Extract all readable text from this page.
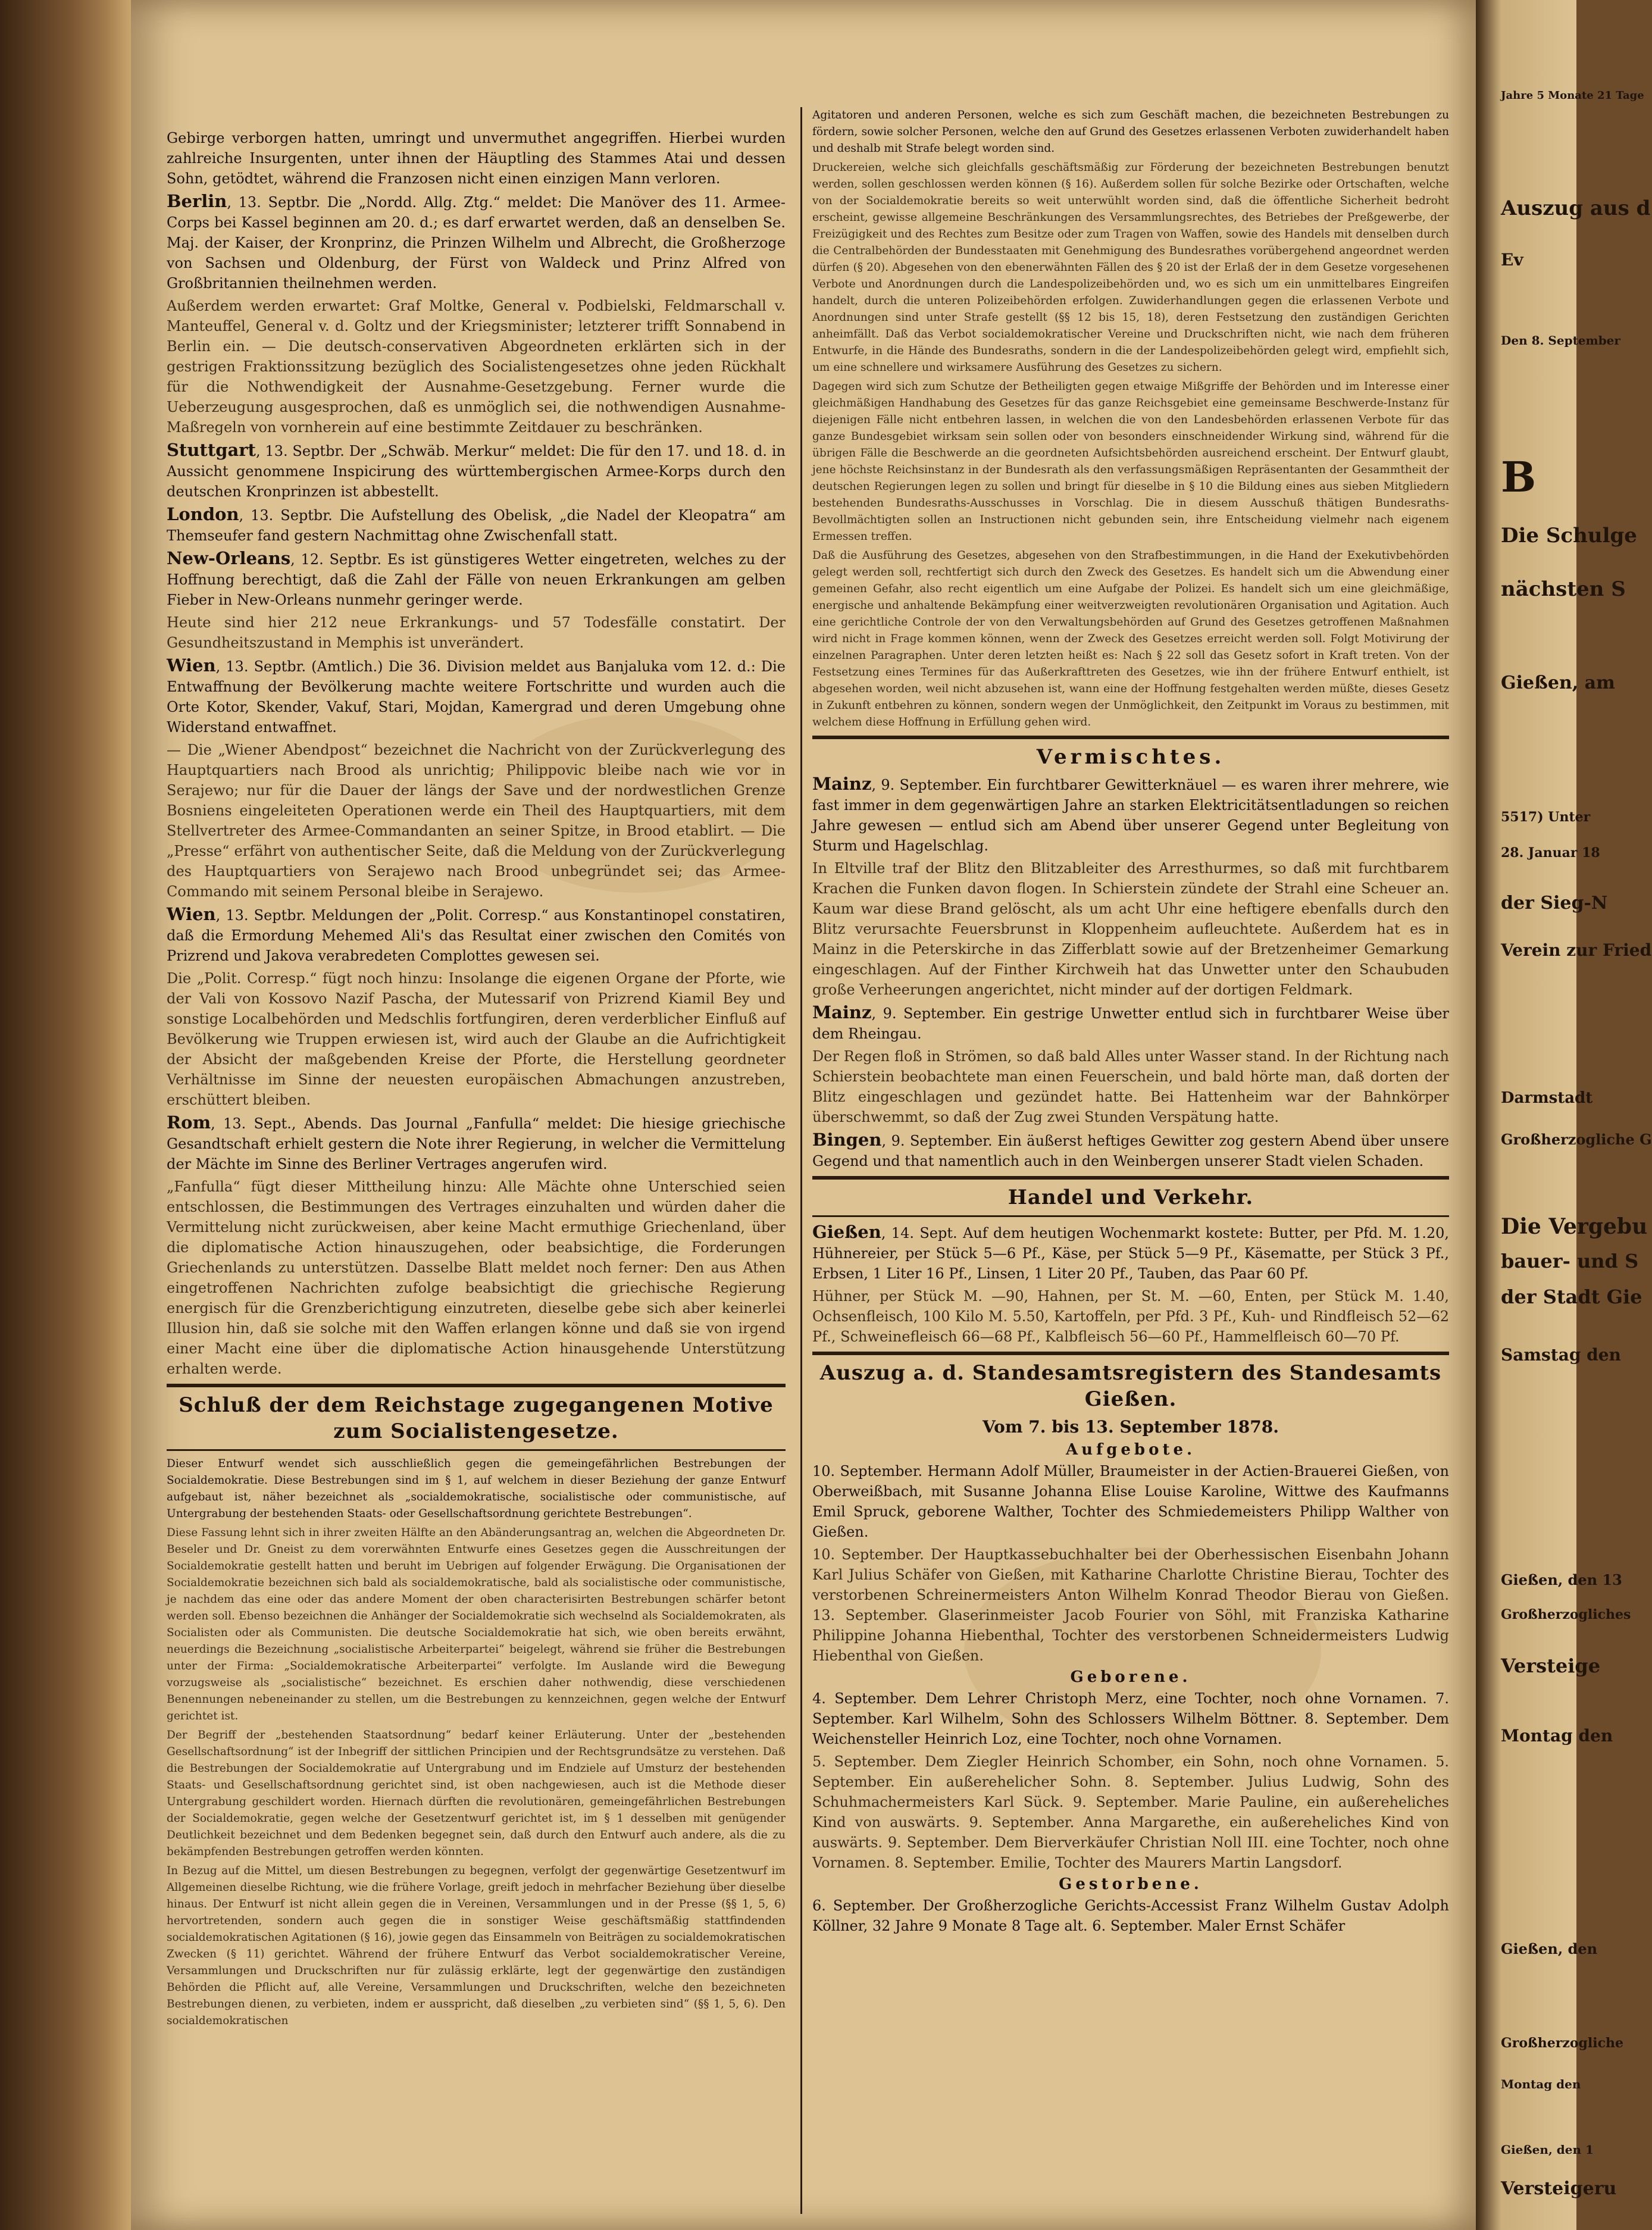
Gebirge verborgen hatten, umringt und unvermuthet angegriffen. Hierbei wurden zahlreiche Insurgenten, unter ihnen der Häuptling des Stammes Atai und dessen Sohn, getödtet, während die Franzosen nicht einen einzigen Mann verloren.

Berlin, 13. Septbr. Die „Nordd. Allg. Ztg.“ meldet: Die Manöver des 11. Armee-Corps bei Kassel beginnen am 20. d.; es darf erwartet werden, daß an denselben Se. Maj. der Kaiser, der Kronprinz, die Prinzen Wilhelm und Albrecht, die Großherzoge von Sachsen und Oldenburg, der Fürst von Waldeck und Prinz Alfred von Großbritannien theilnehmen werden.

Außerdem werden erwartet: Graf Moltke, General v. Podbielski, Feldmarschall v. Manteuffel, General v. d. Goltz und der Kriegsminister; letzterer trifft Sonnabend in Berlin ein. — Die deutsch-conservativen Abgeordneten erklärten sich in der gestrigen Fraktionssitzung bezüglich des Socialistengesetzes ohne jeden Rückhalt für die Nothwendigkeit der Ausnahme-Gesetzgebung. Ferner wurde die Ueberzeugung ausgesprochen, daß es unmöglich sei, die nothwendigen Ausnahme-Maßregeln von vornherein auf eine bestimmte Zeitdauer zu beschränken.

Stuttgart, 13. Septbr. Der „Schwäb. Merkur“ meldet: Die für den 17. und 18. d. in Aussicht genommene Inspicirung des württembergischen Armee-Korps durch den deutschen Kronprinzen ist abbestellt.

London, 13. Septbr. Die Aufstellung des Obelisk, „die Nadel der Kleopatra“ am Themseufer fand gestern Nachmittag ohne Zwischenfall statt.

New-Orleans, 12. Septbr. Es ist günstigeres Wetter eingetreten, welches zu der Hoffnung berechtigt, daß die Zahl der Fälle von neuen Erkrankungen am gelben Fieber in New-Orleans nunmehr geringer werde.

Heute sind hier 212 neue Erkrankungs- und 57 Todesfälle constatirt. Der Gesundheitszustand in Memphis ist unverändert.

Wien, 13. Septbr. (Amtlich.) Die 36. Division meldet aus Banjaluka vom 12. d.: Die Entwaffnung der Bevölkerung machte weitere Fortschritte und wurden auch die Orte Kotor, Skender, Vakuf, Stari, Mojdan, Kamergrad und deren Umgebung ohne Widerstand entwaffnet.

— Die „Wiener Abendpost“ bezeichnet die Nachricht von der Zurückverlegung des Hauptquartiers nach Brood als unrichtig; Philippovic bleibe nach wie vor in Serajewo; nur für die Dauer der längs der Save und der nordwestlichen Grenze Bosniens eingeleiteten Operationen werde ein Theil des Hauptquartiers, mit dem Stellvertreter des Armee-Commandanten an seiner Spitze, in Brood etablirt. — Die „Presse“ erfährt von authentischer Seite, daß die Meldung von der Zurückverlegung des Hauptquartiers von Serajewo nach Brood unbegründet sei; das Armee-Commando mit seinem Personal bleibe in Serajewo.

Wien, 13. Septbr. Meldungen der „Polit. Corresp.“ aus Konstantinopel constatiren, daß die Ermordung Mehemed Ali's das Resultat einer zwischen den Comités von Prizrend und Jakova verabredeten Complottes gewesen sei.

Die „Polit. Corresp.“ fügt noch hinzu: Insolange die eigenen Organe der Pforte, wie der Vali von Kossovo Nazif Pascha, der Mutessarif von Prizrend Kiamil Bey und sonstige Localbehörden und Medschlis fortfungiren, deren verderblicher Einfluß auf Bevölkerung wie Truppen erwiesen ist, wird auch der Glaube an die Aufrichtigkeit der Absicht der maßgebenden Kreise der Pforte, die Herstellung geordneter Verhältnisse im Sinne der neuesten europäischen Abmachungen anzustreben, erschüttert bleiben.

Rom, 13. Sept., Abends. Das Journal „Fanfulla“ meldet: Die hiesige griechische Gesandtschaft erhielt gestern die Note ihrer Regierung, in welcher die Vermittelung der Mächte im Sinne des Berliner Vertrages angerufen wird.

„Fanfulla“ fügt dieser Mittheilung hinzu: Alle Mächte ohne Unterschied seien entschlossen, die Bestimmungen des Vertrages einzuhalten und würden daher die Vermittelung nicht zurückweisen, aber keine Macht ermuthige Griechenland, über die diplomatische Action hinauszugehen, oder beabsichtige, die Forderungen Griechenlands zu unterstützen. Dasselbe Blatt meldet noch ferner: Den aus Athen eingetroffenen Nachrichten zufolge beabsichtigt die griechische Regierung energisch für die Grenzberichtigung einzutreten, dieselbe gebe sich aber keinerlei Illusion hin, daß sie solche mit den Waffen erlangen könne und daß sie von irgend einer Macht eine über die diplomatische Action hinausgehende Unterstützung erhalten werde.

Schluß der dem Reichstage zugegangenen Motive zum Socialistengesetze.

Dieser Entwurf wendet sich ausschließlich gegen die gemeingefährlichen Bestrebungen der Socialdemokratie. Diese Bestrebungen sind im § 1, auf welchem in dieser Beziehung der ganze Entwurf aufgebaut ist, näher bezeichnet als „socialdemokratische, socialistische oder communistische, auf Untergrabung der bestehenden Staats- oder Gesellschaftsordnung gerichtete Bestrebungen“.

Diese Fassung lehnt sich in ihrer zweiten Hälfte an den Abänderungsantrag an, welchen die Abgeordneten Dr. Beseler und Dr. Gneist zu dem vorerwähnten Entwurfe eines Gesetzes gegen die Ausschreitungen der Socialdemokratie gestellt hatten und beruht im Uebrigen auf folgender Erwägung. Die Organisationen der Socialdemokratie bezeichnen sich bald als socialdemokratische, bald als socialistische oder communistische, je nachdem das eine oder das andere Moment der oben characterisirten Bestrebungen schärfer betont werden soll. Ebenso bezeichnen die Anhänger der Socialdemokratie sich wechselnd als Socialdemokraten, als Socialisten oder als Communisten. Die deutsche Socialdemokratie hat sich, wie oben bereits erwähnt, neuerdings die Bezeichnung „socialistische Arbeiterpartei“ beigelegt, während sie früher die Bestrebungen unter der Firma: „Socialdemokratische Arbeiterpartei“ verfolgte. Im Auslande wird die Bewegung vorzugsweise als „socialistische“ bezeichnet. Es erschien daher nothwendig, diese verschiedenen Benennungen nebeneinander zu stellen, um die Bestrebungen zu kennzeichnen, gegen welche der Entwurf gerichtet ist.

Der Begriff der „bestehenden Staatsordnung“ bedarf keiner Erläuterung. Unter der „bestehenden Gesellschaftsordnung“ ist der Inbegriff der sittlichen Principien und der Rechtsgrundsätze zu verstehen. Daß die Bestrebungen der Socialdemokratie auf Untergrabung und im Endziele auf Umsturz der bestehenden Staats- und Gesellschaftsordnung gerichtet sind, ist oben nachgewiesen, auch ist die Methode dieser Untergrabung geschildert worden. Hiernach dürften die revolutionären, gemeingefährlichen Bestrebungen der Socialdemokratie, gegen welche der Gesetzentwurf gerichtet ist, im § 1 desselben mit genügender Deutlichkeit bezeichnet und dem Bedenken begegnet sein, daß durch den Entwurf auch andere, als die zu bekämpfenden Bestrebungen getroffen werden könnten.

In Bezug auf die Mittel, um diesen Bestrebungen zu begegnen, verfolgt der gegenwärtige Gesetzentwurf im Allgemeinen dieselbe Richtung, wie die frühere Vorlage, greift jedoch in mehrfacher Beziehung über dieselbe hinaus. Der Entwurf ist nicht allein gegen die in Vereinen, Versammlungen und in der Presse (§§ 1, 5, 6) hervortretenden, sondern auch gegen die in sonstiger Weise geschäftsmäßig stattfindenden socialdemokratischen Agitationen (§ 16), jowie gegen das Einsammeln von Beiträgen zu socialdemokratischen Zwecken (§ 11) gerichtet. Während der frühere Entwurf das Verbot socialdemokratischer Vereine, Versammlungen und Druckschriften nur für zulässig erklärte, legt der gegenwärtige den zuständigen Behörden die Pflicht auf, alle Vereine, Versammlungen und Druckschriften, welche den bezeichneten Bestrebungen dienen, zu verbieten, indem er ausspricht, daß dieselben „zu verbieten sind“ (§§ 1, 5, 6). Den socialdemokratischen

Agitatoren und anderen Personen, welche es sich zum Geschäft machen, die bezeichneten Bestrebungen zu fördern, sowie solcher Personen, welche den auf Grund des Gesetzes erlassenen Verboten zuwiderhandelt haben und deshalb mit Strafe belegt worden sind.

Druckereien, welche sich gleichfalls geschäftsmäßig zur Förderung der bezeichneten Bestrebungen benutzt werden, sollen geschlossen werden können (§ 16). Außerdem sollen für solche Bezirke oder Ortschaften, welche von der Socialdemokratie bereits so weit unterwühlt worden sind, daß die öffentliche Sicherheit bedroht erscheint, gewisse allgemeine Beschränkungen des Versammlungsrechtes, des Betriebes der Preßgewerbe, der Freizügigkeit und des Rechtes zum Besitze oder zum Tragen von Waffen, sowie des Handels mit denselben durch die Centralbehörden der Bundesstaaten mit Genehmigung des Bundesrathes vorübergehend angeordnet werden dürfen (§ 20). Abgesehen von den ebenerwähnten Fällen des § 20 ist der Erlaß der in dem Gesetze vorgesehenen Verbote und Anordnungen durch die Landespolizeibehörden und, wo es sich um ein unmittelbares Eingreifen handelt, durch die unteren Polizeibehörden erfolgen. Zuwiderhandlungen gegen die erlassenen Verbote und Anordnungen sind unter Strafe gestellt (§§ 12 bis 15, 18), deren Festsetzung den zuständigen Gerichten anheimfällt. Daß das Verbot socialdemokratischer Vereine und Druckschriften nicht, wie nach dem früheren Entwurfe, in die Hände des Bundesraths, sondern in die der Landespolizeibehörden gelegt wird, empfiehlt sich, um eine schnellere und wirksamere Ausführung des Gesetzes zu sichern.

Dagegen wird sich zum Schutze der Betheiligten gegen etwaige Mißgriffe der Behörden und im Interesse einer gleichmäßigen Handhabung des Gesetzes für das ganze Reichsgebiet eine gemeinsame Beschwerde-Instanz für diejenigen Fälle nicht entbehren lassen, in welchen die von den Landesbehörden erlassenen Verbote für das ganze Bundesgebiet wirksam sein sollen oder von besonders einschneidender Wirkung sind, während für die übrigen Fälle die Beschwerde an die geordneten Aufsichtsbehörden ausreichend erscheint. Der Entwurf glaubt, jene höchste Reichsinstanz in der Bundesrath als den verfassungsmäßigen Repräsentanten der Gesammtheit der deutschen Regierungen legen zu sollen und bringt für dieselbe in § 10 die Bildung eines aus sieben Mitgliedern bestehenden Bundesraths-Ausschusses in Vorschlag. Die in diesem Ausschuß thätigen Bundesraths-Bevollmächtigten sollen an Instructionen nicht gebunden sein, ihre Entscheidung vielmehr nach eigenem Ermessen treffen.

Daß die Ausführung des Gesetzes, abgesehen von den Strafbestimmungen, in die Hand der Exekutivbehörden gelegt werden soll, rechtfertigt sich durch den Zweck des Gesetzes. Es handelt sich um die Abwendung einer gemeinen Gefahr, also recht eigentlich um eine Aufgabe der Polizei. Es handelt sich um eine gleichmäßige, energische und anhaltende Bekämpfung einer weitverzweigten revolutionären Organisation und Agitation. Auch eine gerichtliche Controle der von den Verwaltungsbehörden auf Grund des Gesetzes getroffenen Maßnahmen wird nicht in Frage kommen können, wenn der Zweck des Gesetzes erreicht werden soll. Folgt Motivirung der einzelnen Paragraphen. Unter deren letzten heißt es: Nach § 22 soll das Gesetz sofort in Kraft treten. Von der Festsetzung eines Termines für das Außerkrafttreten des Gesetzes, wie ihn der frühere Entwurf enthielt, ist abgesehen worden, weil nicht abzusehen ist, wann eine der Hoffnung festgehalten werden müßte, dieses Gesetz in Zukunft entbehren zu können, sondern wegen der Unmöglichkeit, den Zeitpunkt im Voraus zu bestimmen, mit welchem diese Hoffnung in Erfüllung gehen wird.

Vermischtes.

Mainz, 9. September. Ein furchtbarer Gewitterknäuel — es waren ihrer mehrere, wie fast immer in dem gegenwärtigen Jahre an starken Elektricitätsentladungen so reichen Jahre gewesen — entlud sich am Abend über unserer Gegend unter Begleitung von Sturm und Hagelschlag.

In Eltville traf der Blitz den Blitzableiter des Arresthurmes, so daß mit furchtbarem Krachen die Funken davon flogen. In Schierstein zündete der Strahl eine Scheuer an. Kaum war diese Brand gelöscht, als um acht Uhr eine heftigere ebenfalls durch den Blitz verursachte Feuersbrunst in Kloppenheim aufleuchtete. Außerdem hat es in Mainz in die Peterskirche in das Zifferblatt sowie auf der Bretzenheimer Gemarkung eingeschlagen. Auf der Finther Kirchweih hat das Unwetter unter den Schaubuden große Verheerungen angerichtet, nicht minder auf der dortigen Feldmark.

Mainz, 9. September. Ein gestrige Unwetter entlud sich in furchtbarer Weise über dem Rheingau.

Der Regen floß in Strömen, so daß bald Alles unter Wasser stand. In der Richtung nach Schierstein beobachtete man einen Feuerschein, und bald hörte man, daß dorten der Blitz eingeschlagen und gezündet hatte. Bei Hattenheim war der Bahnkörper überschwemmt, so daß der Zug zwei Stunden Verspätung hatte.

Bingen, 9. September. Ein äußerst heftiges Gewitter zog gestern Abend über unsere Gegend und that namentlich auch in den Weinbergen unserer Stadt vielen Schaden.

Handel und Verkehr.

Gießen, 14. Sept. Auf dem heutigen Wochenmarkt kostete: Butter, per Pfd. M. 1.20, Hühnereier, per Stück 5—6 Pf., Käse, per Stück 5—9 Pf., Käsematte, per Stück 3 Pf., Erbsen, 1 Liter 16 Pf., Linsen, 1 Liter 20 Pf., Tauben, das Paar 60 Pf.

Hühner, per Stück M. —90, Hahnen, per St. M. —60, Enten, per Stück M. 1.40, Ochsenfleisch, 100 Kilo M. 5.50, Kartoffeln, per Pfd. 3 Pf., Kuh- und Rindfleisch 52—62 Pf., Schweinefleisch 66—68 Pf., Kalbfleisch 56—60 Pf., Hammelfleisch 60—70 Pf.

Auszug a. d. Standesamtsregistern des Standesamts Gießen.
Vom 7. bis 13. September 1878.
Aufgebote.

10. September. Hermann Adolf Müller, Braumeister in der Actien-Brauerei Gießen, von Oberweißbach, mit Susanne Johanna Elise Louise Karoline, Wittwe des Kaufmanns Emil Spruck, geborene Walther, Tochter des Schmiedemeisters Philipp Walther von Gießen.

10. September. Der Hauptkassebuchhalter bei der Oberhessischen Eisenbahn Johann Karl Julius Schäfer von Gießen, mit Katharine Charlotte Christine Bierau, Tochter des verstorbenen Schreinermeisters Anton Wilhelm Konrad Theodor Bierau von Gießen. 13. September. Glaserinmeister Jacob Fourier von Söhl, mit Franziska Katharine Philippine Johanna Hiebenthal, Tochter des verstorbenen Schneidermeisters Ludwig Hiebenthal von Gießen.

Geborene.

4. September. Dem Lehrer Christoph Merz, eine Tochter, noch ohne Vornamen. 7. September. Karl Wilhelm, Sohn des Schlossers Wilhelm Böttner. 8. September. Dem Weichensteller Heinrich Loz, eine Tochter, noch ohne Vornamen.

5. September. Dem Ziegler Heinrich Schomber, ein Sohn, noch ohne Vornamen. 5. September. Ein außerehelicher Sohn. 8. September. Julius Ludwig, Sohn des Schuhmachermeisters Karl Sück. 9. September. Marie Pauline, ein außereheliches Kind von auswärts. 9. September. Anna Margarethe, ein außereheliches Kind von auswärts. 9. September. Dem Bierverkäufer Christian Noll III. eine Tochter, noch ohne Vornamen. 8. September. Emilie, Tochter des Maurers Martin Langsdorf.

Gestorbene.

6. September. Der Großherzogliche Gerichts-Accessist Franz Wilhelm Gustav Adolph Köllner, 32 Jahre 9 Monate 8 Tage alt. 6. September. Maler Ernst Schäfer

Jahre 5 Monate 21 Tage
Auszug aus d
Ev
Den 8. September
B
Die Schulge
nächsten S
Gießen, am
5517) Unter
28. Januar 18
der Sieg-N
Verein zur Fried
Darmstadt
Großherzogliche G
Die Vergebu
bauer- und S
der Stadt Gie
Samstag den
Gießen, den 13
Großherzogliches
Versteige
Montag den
Gießen, den
Großherzogliche
Montag den
Gießen, den 1
Versteigeru
